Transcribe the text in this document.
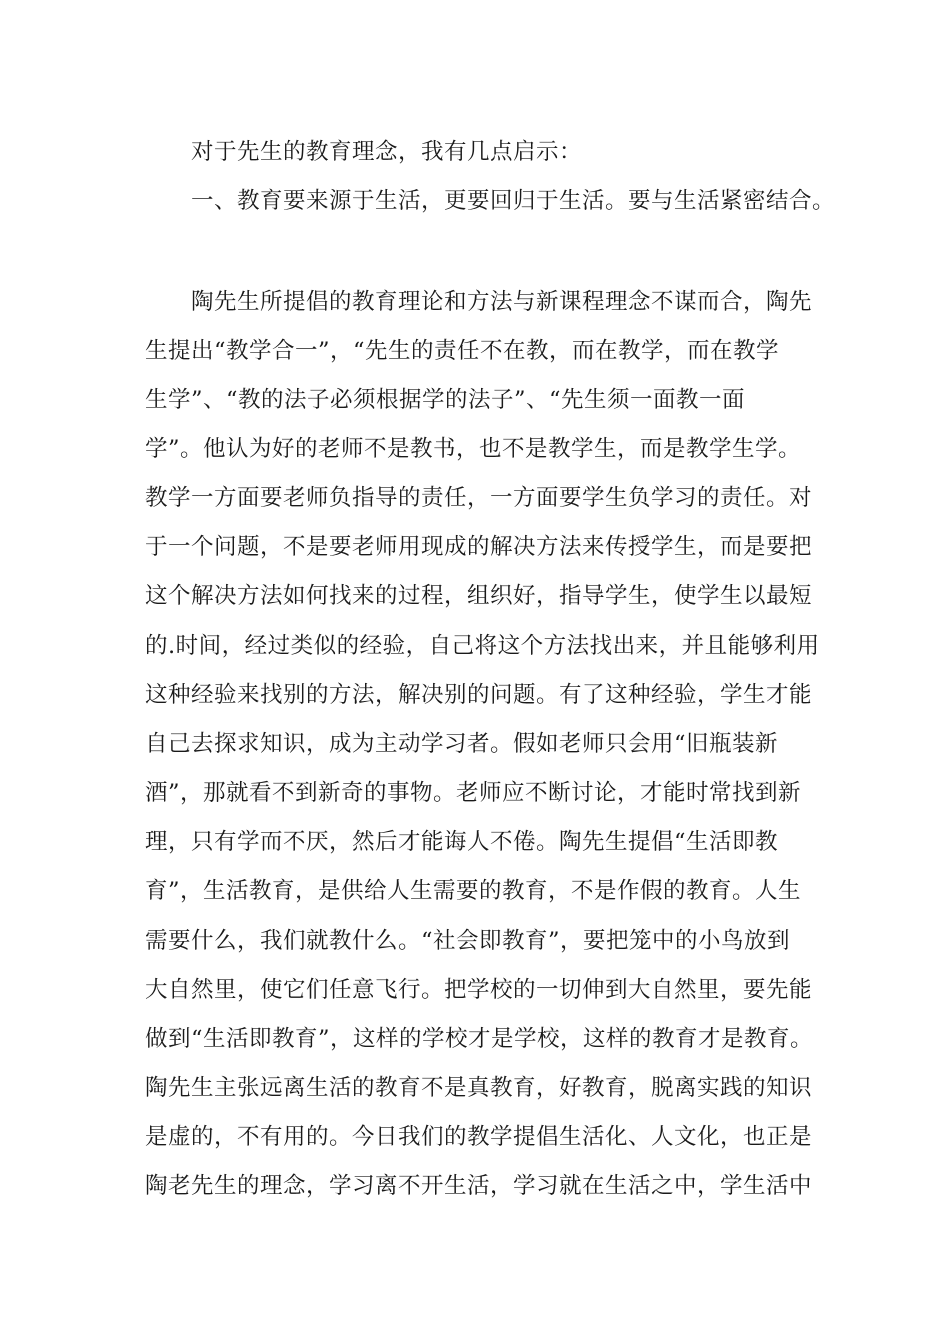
对于先生的教育理念，我有几点启示：
一、教育要来源于生活，更要回归于生活。要与生活紧密结合。
陶先生所提倡的教育理论和方法与新课程理念不谋而合，陶先
生提出“教学合一”，“先生的责任不在教，而在教学，而在教学
生学”、“教的法子必须根据学的法子”、“先生须一面教一面
学”。他认为好的老师不是教书，也不是教学生，而是教学生学。
教学一方面要老师负指导的责任，一方面要学生负学习的责任。对
于一个问题，不是要老师用现成的解决方法来传授学生，而是要把
这个解决方法如何找来的过程，组织好，指导学生，使学生以最短
的.时间，经过类似的经验，自己将这个方法找出来，并且能够利用
这种经验来找别的方法，解决别的问题。有了这种经验，学生才能
自己去探求知识，成为主动学习者。假如老师只会用“旧瓶装新
酒”，那就看不到新奇的事物。老师应不断讨论，才能时常找到新
理，只有学而不厌，然后才能诲人不倦。陶先生提倡“生活即教
育”，生活教育，是供给人生需要的教育，不是作假的教育。人生
需要什么，我们就教什么。“社会即教育”，要把笼中的小鸟放到
大自然里，使它们任意飞行。把学校的一切伸到大自然里，要先能
做到“生活即教育”，这样的学校才是学校，这样的教育才是教育。
陶先生主张远离生活的教育不是真教育，好教育，脱离实践的知识
是虚的，不有用的。今日我们的教学提倡生活化、人文化，也正是
陶老先生的理念，学习离不开生活，学习就在生活之中，学生活中
